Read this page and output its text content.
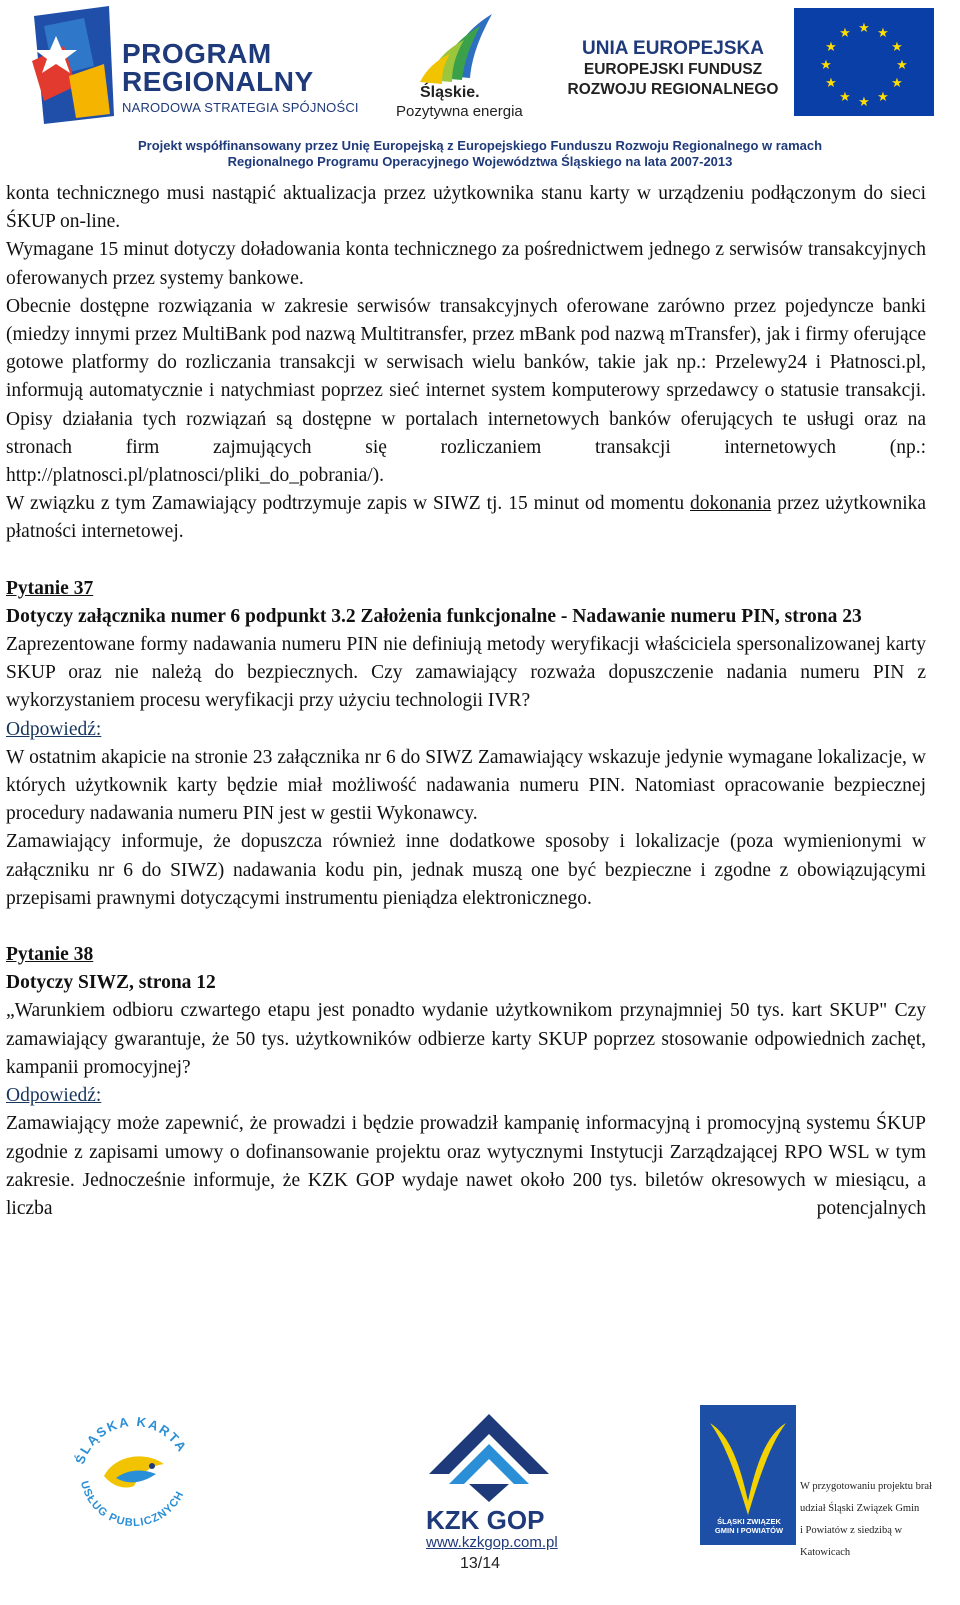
PROGRAM
REGIONALNY
NARODOWA STRATEGIA SPÓJNOŚCI
Śląskie.
Pozytywna energia
UNIA EUROPEJSKA
EUROPEJSKI FUNDUSZ
ROZWOJU REGIONALNEGO
★ ★
★
★
★
★
★
★
★
★
★
★
Projekt współfinansowany przez Unię Europejską z Europejskiego Funduszu Rozwoju Regionalnego w ramach
Regionalnego Programu Operacyjnego Województwa Śląskiego na lata 2007-2013

konta technicznego musi nastąpić aktualizacja przez użytkownika stanu karty w urządzeniu podłączonym do sieci ŚKUP on-line.

Wymagane 15 minut dotyczy doładowania konta technicznego za pośrednictwem jednego z serwisów transakcyjnych oferowanych przez systemy bankowe.

Obecnie dostępne rozwiązania w zakresie serwisów transakcyjnych oferowane zarówno przez pojedyncze banki (miedzy innymi przez MultiBank pod nazwą Multitransfer, przez mBank pod nazwą mTransfer), jak i firmy oferujące gotowe platformy do rozliczania transakcji w serwisach wielu banków, takie jak np.: Przelewy24 i Płatnosci.pl, informują automatycznie i natychmiast poprzez sieć internet system komputerowy sprzedawcy o statusie transakcji. Opisy działania tych rozwiązań są dostępne w portalach internetowych banków oferujących te usługi oraz na stronach firm zajmujących się rozliczaniem transakcji internetowych (np.:

http://platnosci.pl/platnosci/pliki_do_pobrania/).

W związku z tym Zamawiający podtrzymuje zapis w SIWZ tj. 15 minut od momentu dokonania przez użytkownika płatności internetowej.

Pytanie 37

Dotyczy załącznika numer 6 podpunkt 3.2 Założenia funkcjonalne - Nadawanie numeru PIN, strona 23

Zaprezentowane formy nadawania numeru PIN nie definiują metody weryfikacji właściciela spersonalizowanej karty SKUP oraz nie należą do bezpiecznych. Czy zamawiający rozważa dopuszczenie nadania numeru PIN z wykorzystaniem procesu weryfikacji przy użyciu technologii IVR?

Odpowiedź:

W ostatnim akapicie na stronie 23 załącznika nr 6 do SIWZ Zamawiający wskazuje jedynie wymagane lokalizacje, w których użytkownik karty będzie miał możliwość nadawania numeru PIN. Natomiast opracowanie bezpiecznej procedury nadawania numeru PIN jest w gestii Wykonawcy.

Zamawiający informuje, że dopuszcza również inne dodatkowe sposoby i lokalizacje (poza wymienionymi w załączniku nr 6 do SIWZ) nadawania kodu pin, jednak muszą one być bezpieczne i zgodne z obowiązującymi przepisami prawnymi dotyczącymi instrumentu pieniądza elektronicznego.

Pytanie 38

Dotyczy SIWZ, strona 12

„Warunkiem odbioru czwartego etapu jest ponadto wydanie użytkownikom przynajmniej 50 tys. kart SKUP" Czy zamawiający gwarantuje, że 50 tys. użytkowników odbierze karty SKUP poprzez stosowanie odpowiednich zachęt, kampanii promocyjnej?

Odpowiedź:

Zamawiający może zapewnić, że prowadzi i będzie prowadził kampanię informacyjną i promocyjną systemu ŚKUP zgodnie z zapisami umowy o dofinansowanie projektu oraz wytycznymi Instytucji Zarządzającej RPO WSL w tym zakresie. Jednocześnie informuje, że KZK GOP wydaje nawet około 200 tys. biletów okresowych w miesiącu, a liczba potencjalnych

ŚLĄSKA KARTA
USŁUG PUBLICZNYCH
KZK GOP
www.kzkgop.com.pl
13/14
ŚLĄSKI ZWIĄZEK
GMIN I POWIATÓW
W przygotowaniu projektu brał
udział Śląski Związek Gmin
i Powiatów z siedzibą w Katowicach
